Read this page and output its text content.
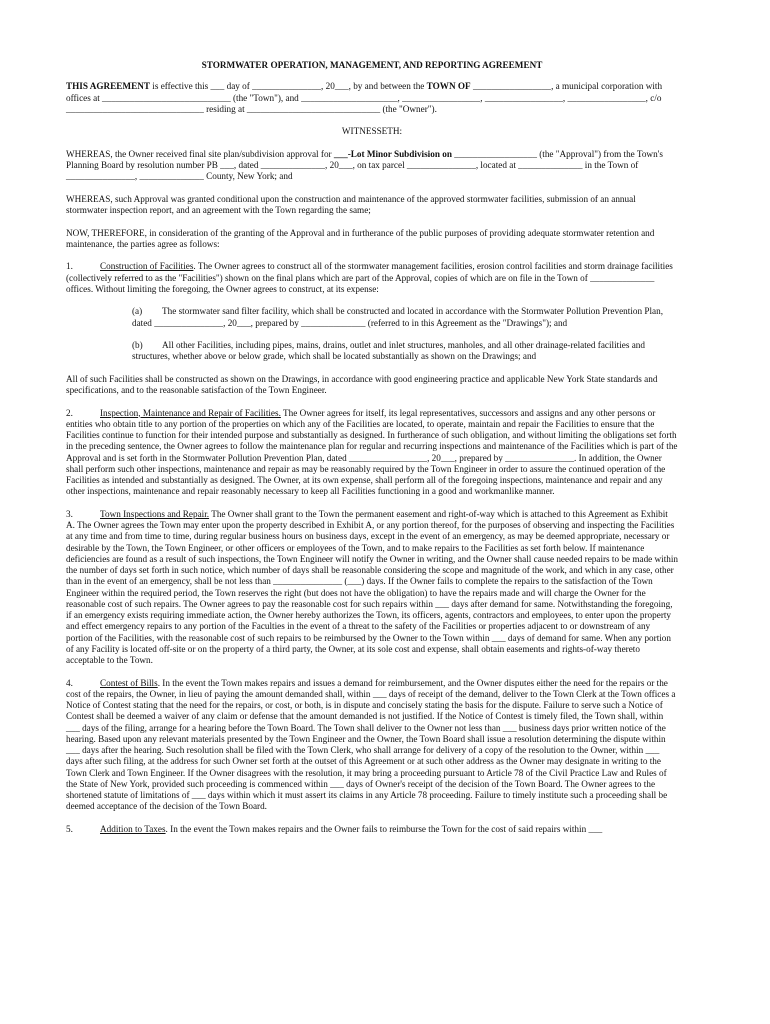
STORMWATER OPERATION, MANAGEMENT, AND REPORTING AGREEMENT
THIS AGREEMENT is effective this ___ day of _______________, 20___, by and between the TOWN OF _________________, a municipal corporation with offices at ____________________________ (the "Town"), and _____________________, _________________, _________________, _________________, c/o ______________________________ residing at _____________________________ (the "Owner").
WITNESSETH:
WHEREAS, the Owner received final site plan/subdivision approval for ___-Lot Minor Subdivision on __________________ (the "Approval") from the Town's Planning Board by resolution number PB ___, dated ______________, 20___, on tax parcel _______________, located at ______________ in the Town of _______________, ______________ County, New York; and
WHEREAS, such Approval was granted conditional upon the construction and maintenance of the approved stormwater facilities, submission of an annual stormwater inspection report, and an agreement with the Town regarding the same;
NOW, THEREFORE, in consideration of the granting of the Approval and in furtherance of the public purposes of providing adequate stormwater retention and maintenance, the parties agree as follows:
1.	Construction of Facilities. The Owner agrees to construct all of the stormwater management facilities, erosion control facilities and storm drainage facilities (collectively referred to as the "Facilities") shown on the final plans which are part of the Approval, copies of which are on file in the Town of ______________ offices. Without limiting the foregoing, the Owner agrees to construct, at its expense:
(a) The stormwater sand filter facility, which shall be constructed and located in accordance with the Stormwater Pollution Prevention Plan, dated _______________, 20___, prepared by ______________ (referred to in this Agreement as the "Drawings"); and
(b) All other Facilities, including pipes, mains, drains, outlet and inlet structures, manholes, and all other drainage-related facilities and structures, whether above or below grade, which shall be located substantially as shown on the Drawings; and
All of such Facilities shall be constructed as shown on the Drawings, in accordance with good engineering practice and applicable New York State standards and specifications, and to the reasonable satisfaction of the Town Engineer.
2.	Inspection, Maintenance and Repair of Facilities. The Owner agrees for itself, its legal representatives, successors and assigns and any other persons or entities who obtain title to any portion of the properties on which any of the Facilities are located, to operate, maintain and repair the Facilities to ensure that the Facilities continue to function for their intended purpose and substantially as designed. In furtherance of such obligation, and without limiting the obligations set forth in the preceding sentence, the Owner agrees to follow the maintenance plan for regular and recurring inspections and maintenance of the Facilities which is part of the Approval and is set forth in the Stormwater Pollution Prevention Plan, dated _________________, 20___, prepared by _______________. In addition, the Owner shall perform such other inspections, maintenance and repair as may be reasonably required by the Town Engineer in order to assure the continued operation of the Facilities as intended and substantially as designed. The Owner, at its own expense, shall perform all of the foregoing inspections, maintenance and repair and any other inspections, maintenance and repair reasonably necessary to keep all Facilities functioning in a good and workmanlike manner.
3.	Town Inspections and Repair. The Owner shall grant to the Town the permanent easement and right-of-way which is attached to this Agreement as Exhibit A. The Owner agrees the Town may enter upon the property described in Exhibit A, or any portion thereof, for the purposes of observing and inspecting the Facilities at any time and from time to time, during regular business hours on business days, except in the event of an emergency, as may be deemed appropriate, necessary or desirable by the Town, the Town Engineer, or other officers or employees of the Town, and to make repairs to the Facilities as set forth below. If maintenance deficiencies are found as a result of such inspections, the Town Engineer will notify the Owner in writing, and the Owner shall cause needed repairs to be made within the number of days set forth in such notice, which number of days shall be reasonable considering the scope and magnitude of the work, and which in any case, other than in the event of an emergency, shall be not less than _______________ (___) days. If the Owner fails to complete the repairs to the satisfaction of the Town Engineer within the required period, the Town reserves the right (but does not have the obligation) to have the repairs made and will charge the Owner for the reasonable cost of such repairs. The Owner agrees to pay the reasonable cost for such repairs within ___ days after demand for same. Notwithstanding the foregoing, if an emergency exists requiring immediate action, the Owner hereby authorizes the Town, its officers, agents, contractors and employees, to enter upon the property and effect emergency repairs to any portion of the Faculties in the event of a threat to the safety of the Facilities or properties adjacent to or downstream of any portion of the Facilities, with the reasonable cost of such repairs to be reimbursed by the Owner to the Town within ___ days of demand for same. When any portion of any Facility is located off-site or on the property of a third party, the Owner, at its sole cost and expense, shall obtain easements and rights-of-way thereto acceptable to the Town.
4.	Contest of Bills. In the event the Town makes repairs and issues a demand for reimbursement, and the Owner disputes either the need for the repairs or the cost of the repairs, the Owner, in lieu of paying the amount demanded shall, within ___ days of receipt of the demand, deliver to the Town Clerk at the Town offices a Notice of Contest stating that the need for the repairs, or cost, or both, is in dispute and concisely stating the basis for the dispute. Failure to serve such a Notice of Contest shall be deemed a waiver of any claim or defense that the amount demanded is not justified. If the Notice of Contest is timely filed, the Town shall, within ___ days of the filing, arrange for a hearing before the Town Board. The Town shall deliver to the Owner not less than ___ business days prior written notice of the hearing. Based upon any relevant materials presented by the Town Engineer and the Owner, the Town Board shall issue a resolution determining the dispute within ___ days after the hearing. Such resolution shall be filed with the Town Clerk, who shall arrange for delivery of a copy of the resolution to the Owner, within ___ days after such filing, at the address for such Owner set forth at the outset of this Agreement or at such other address as the Owner may designate in writing to the Town Clerk and Town Engineer. If the Owner disagrees with the resolution, it may bring a proceeding pursuant to Article 78 of the Civil Practice Law and Rules of the State of New York, provided such proceeding is commenced within ___ days of Owner's receipt of the decision of the Town Board. The Owner agrees to the shortened statute of limitations of ___ days within which it must assert its claims in any Article 78 proceeding. Failure to timely institute such a proceeding shall be deemed acceptance of the decision of the Town Board.
5.	Addition to Taxes. In the event the Town makes repairs and the Owner fails to reimburse the Town for the cost of said repairs within ___
